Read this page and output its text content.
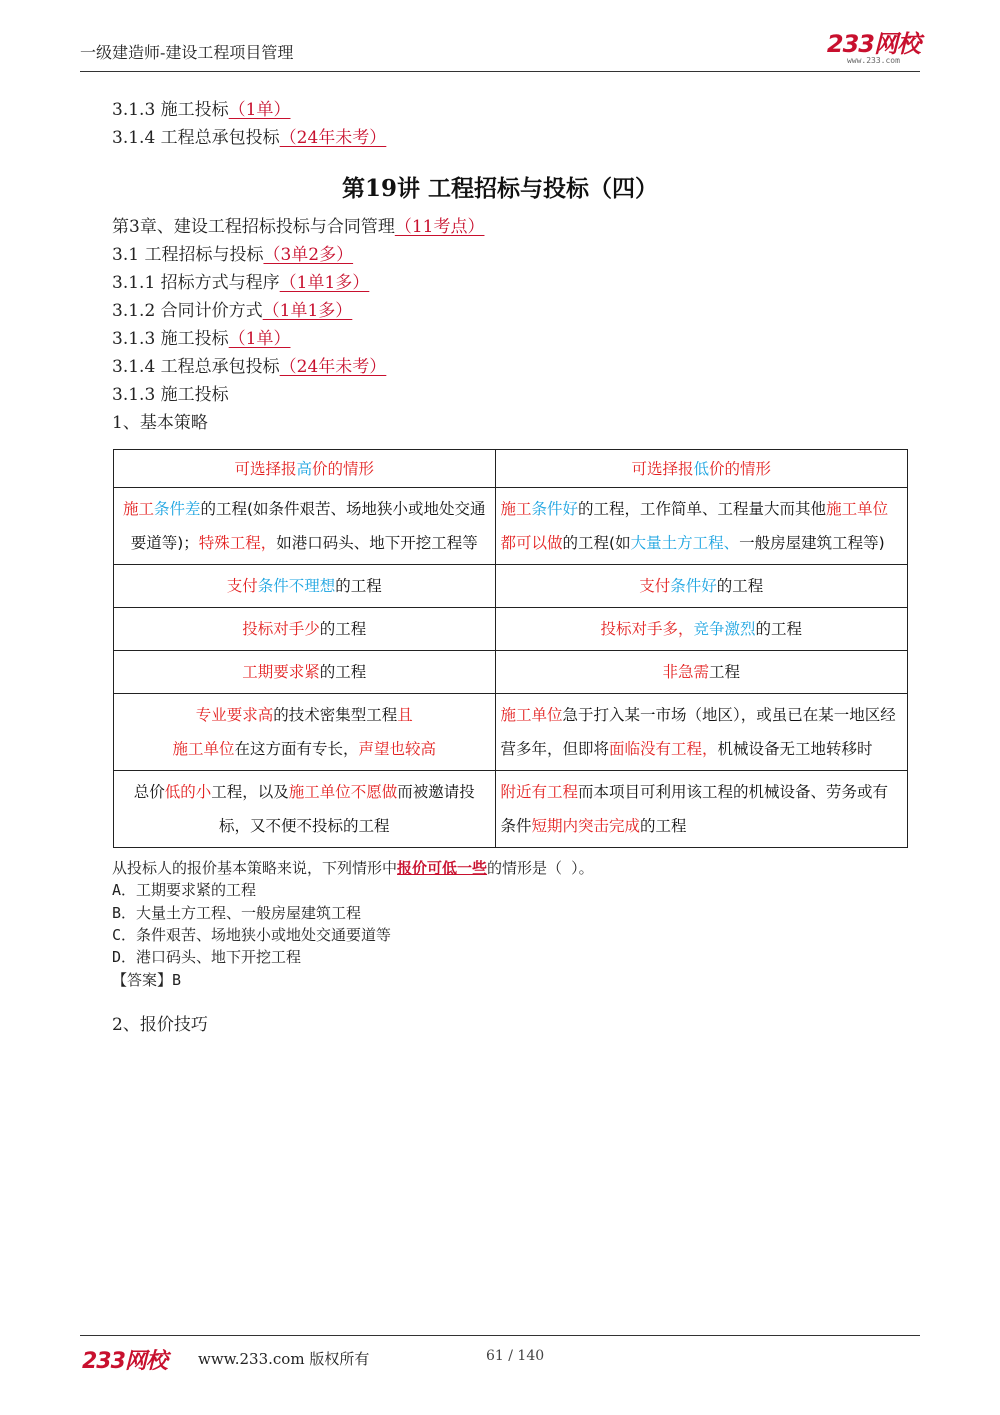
一级建造师-建设工程项目管理	233网校
www.233.com
3.1.3 施工投标（1单）
3.1.4 工程总承包投标（24年未考）
第19讲 工程招标与投标（四）
第3章、建设工程招标投标与合同管理（11考点）
3.1 工程招标与投标（3单2多）
3.1.1 招标方式与程序（1单1多）
3.1.2 合同计价方式（1单1多）
3.1.3 施工投标（1单）
3.1.4 工程总承包投标（24年未考）
3.1.3 施工投标
1、基本策略
可选择报高价的情形	可选择报低价的情形
施工条件差的工程(如条件艰苦、场地狭小或地处交通要道等)；特殊工程，如港口码头、地下开挖工程等	施工条件好的工程，工作简单、工程量大而其他施工单位都可以做的工程(如大量土方工程、一般房屋建筑工程等)
支付条件不理想的工程	支付条件好的工程
投标对手少的工程	投标对手多，竞争激烈的工程
工期要求紧的工程	非急需工程
专业要求高的技术密集型工程且
施工单位在这方面有专长，声望也较高	施工单位急于打入某一市场（地区），或虽已在某一地区经营多年，但即将面临没有工程，机械设备无工地转移时
总价低的小工程，以及施工单位不愿做而被邀请投标，又不便不投标的工程	附近有工程而本项目可利用该工程的机械设备、劳务或有条件短期内突击完成的工程
从投标人的报价基本策略来说，下列情形中报价可低一些的情形是（ ）。
A．工期要求紧的工程
B．大量土方工程、一般房屋建筑工程
C．条件艰苦、场地狭小或地处交通要道等
D．港口码头、地下开挖工程
【答案】B
2、报价技巧
233网校 www.233.com 版权所有	61 / 140
